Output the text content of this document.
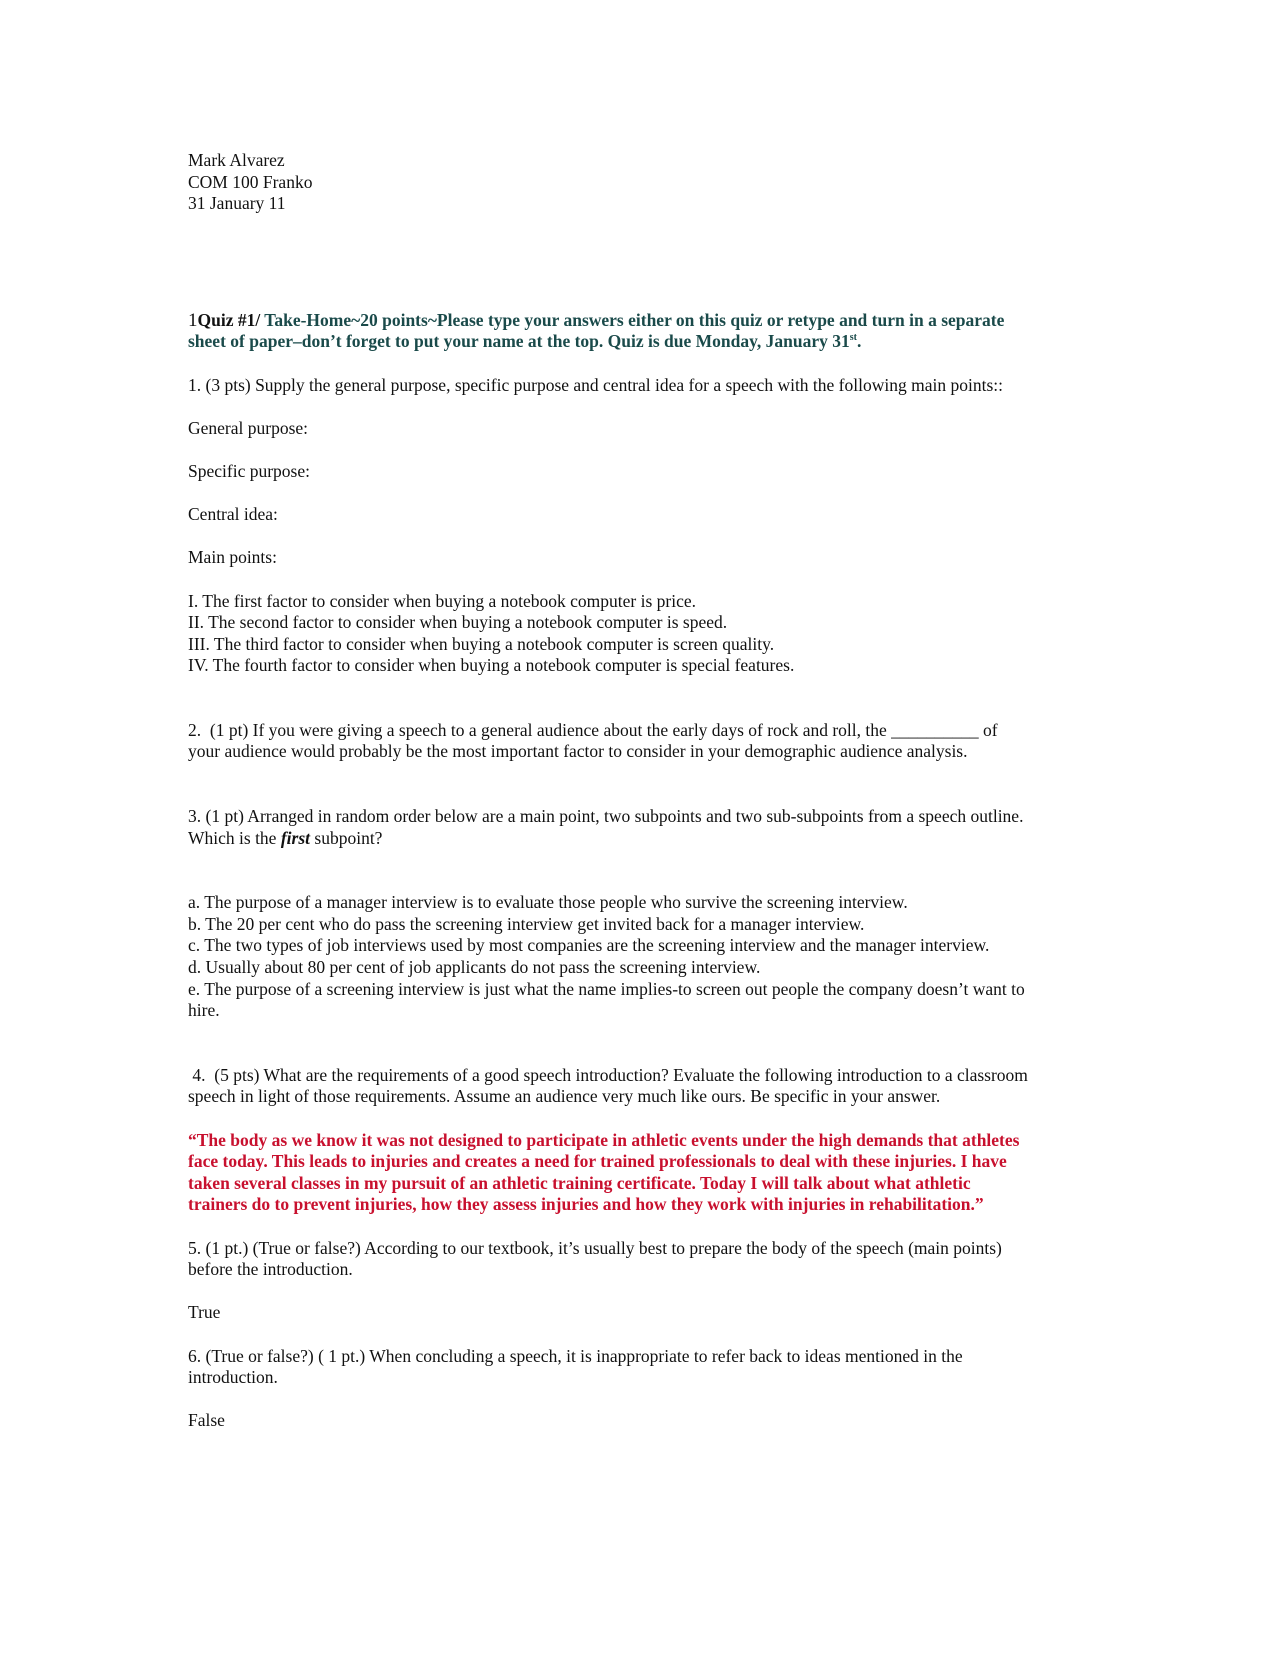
Mark Alvarez
COM 100 Franko
31 January 11
1Quiz #1/ Take-Home~20 points~Please type your answers either on this quiz or retype and turn in a separate
sheet of paper–don’t forget to put your name at the top. Quiz is due Monday, January 31st.
1. (3 pts) Supply the general purpose, specific purpose and central idea for a speech with the following main points::
General purpose:
Specific purpose:
Central idea:
Main points:
I. The first factor to consider when buying a notebook computer is price.
II. The second factor to consider when buying a notebook computer is speed.
III. The third factor to consider when buying a notebook computer is screen quality.
IV. The fourth factor to consider when buying a notebook computer is special features.
2.  (1 pt) If you were giving a speech to a general audience about the early days of rock and roll, the __________ of
your audience would probably be the most important factor to consider in your demographic audience analysis.
3. (1 pt) Arranged in random order below are a main point, two subpoints and two sub-subpoints from a speech outline.
Which is the first subpoint?
a. The purpose of a manager interview is to evaluate those people who survive the screening interview.
b. The 20 per cent who do pass the screening interview get invited back for a manager interview.
c. The two types of job interviews used by most companies are the screening interview and the manager interview.
d. Usually about 80 per cent of job applicants do not pass the screening interview.
e. The purpose of a screening interview is just what the name implies-to screen out people the company doesn’t want to
hire.
4.  (5 pts) What are the requirements of a good speech introduction? Evaluate the following introduction to a classroom
speech in light of those requirements. Assume an audience very much like ours. Be specific in your answer.
“The body as we know it was not designed to participate in athletic events under the high demands that athletes
face today. This leads to injuries and creates a need for trained professionals to deal with these injuries. I have
taken several classes in my pursuit of an athletic training certificate. Today I will talk about what athletic
trainers do to prevent injuries, how they assess injuries and how they work with injuries in rehabilitation.”
5. (1 pt.) (True or false?) According to our textbook, it’s usually best to prepare the body of the speech (main points)
before the introduction.
True
6. (True or false?) ( 1 pt.) When concluding a speech, it is inappropriate to refer back to ideas mentioned in the
introduction.
False
